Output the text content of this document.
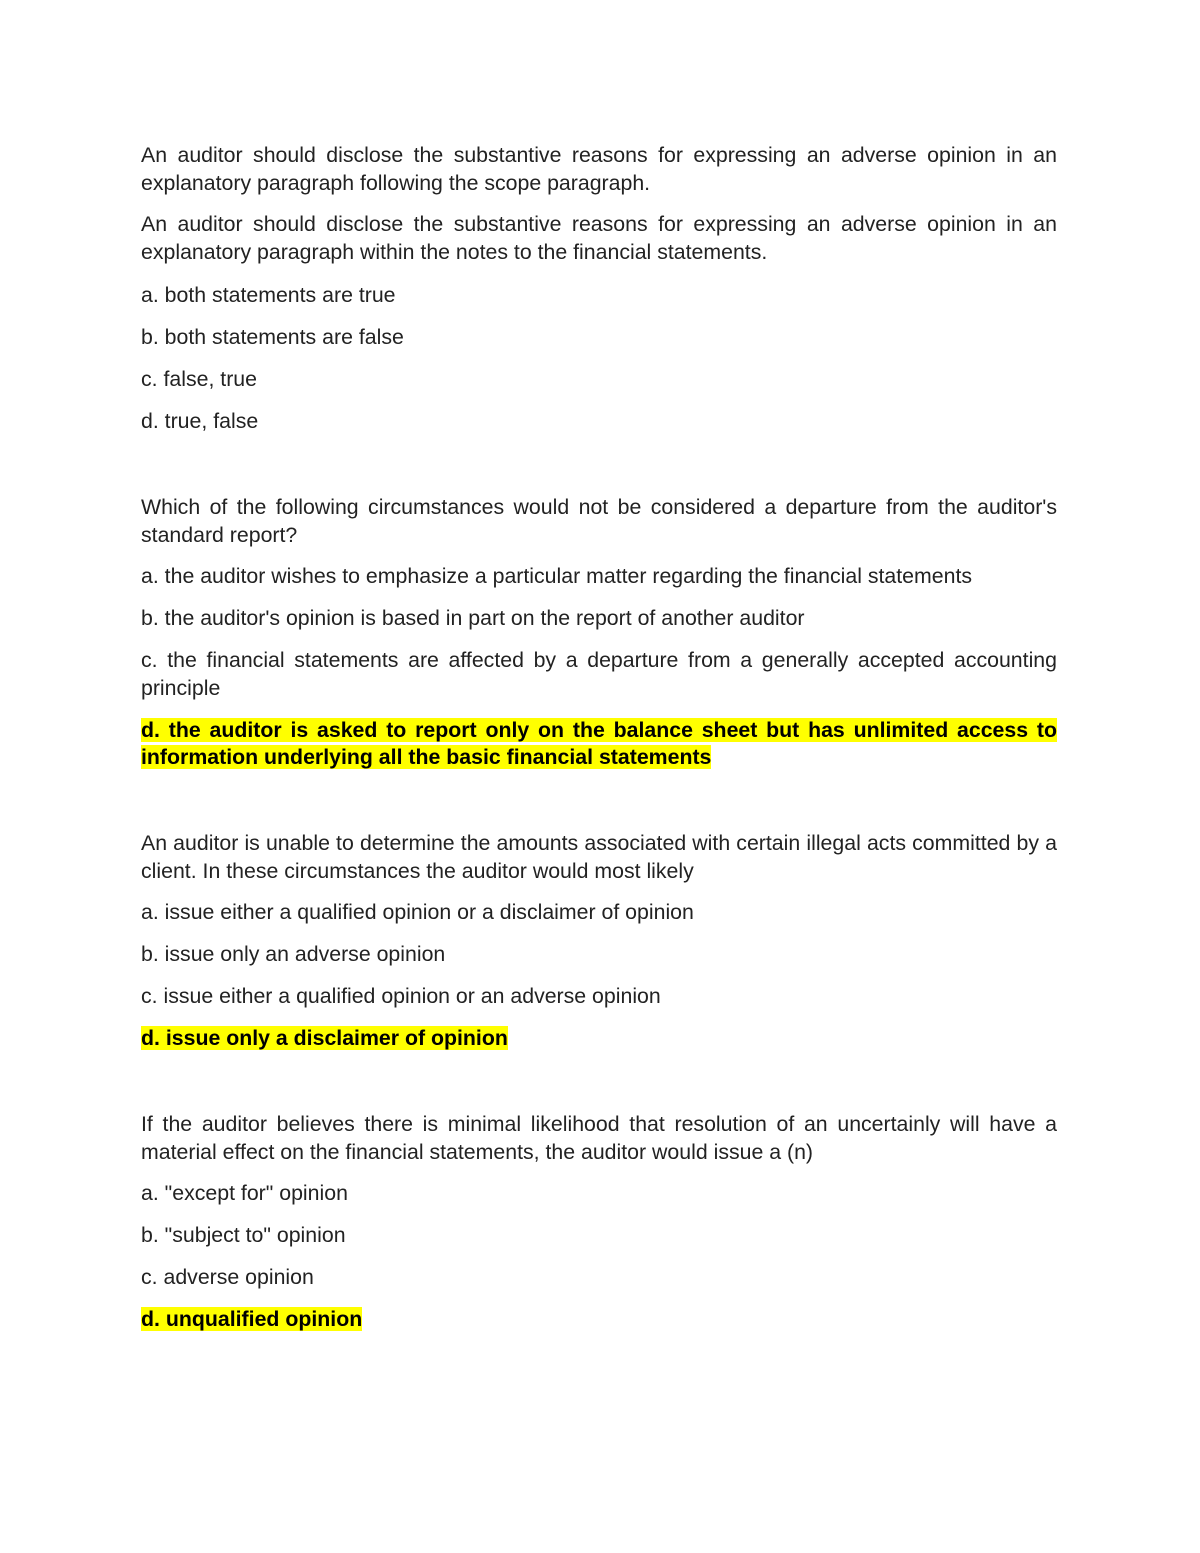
An auditor should disclose the substantive reasons for expressing an adverse opinion in an explanatory paragraph following the scope paragraph.

An auditor should disclose the substantive reasons for expressing an adverse opinion in an explanatory paragraph within the notes to the financial statements.

a. both statements are true

b. both statements are false

c. false, true

d. true, false

Which of the following circumstances would not be considered a departure from the auditor's standard report?

a. the auditor wishes to emphasize a particular matter regarding the financial statements

b. the auditor's opinion is based in part on the report of another auditor

c. the financial statements are affected by a departure from a generally accepted accounting principle

d. the auditor is asked to report only on the balance sheet but has unlimited access to information underlying all the basic financial statements

An auditor is unable to determine the amounts associated with certain illegal acts committed by a client. In these circumstances the auditor would most likely

a. issue either a qualified opinion or a disclaimer of opinion

b. issue only an adverse opinion

c. issue either a qualified opinion or an adverse opinion

d. issue only a disclaimer of opinion

If the auditor believes there is minimal likelihood that resolution of an uncertainly will have a material effect on the financial statements, the auditor would issue a (n)

a. "except for" opinion

b. "subject to" opinion

c. adverse opinion

d. unqualified opinion
